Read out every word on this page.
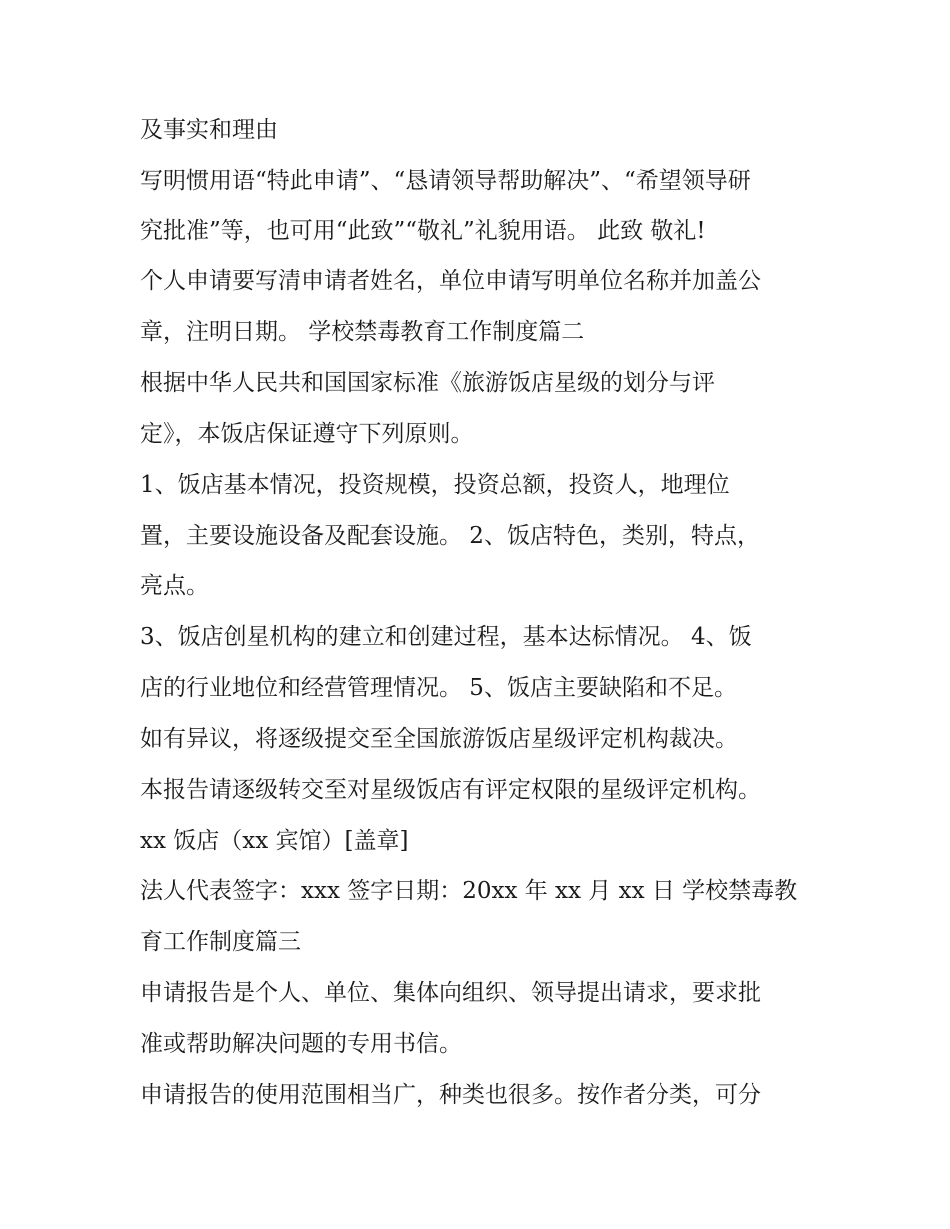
及事实和理由
写明惯用语“特此申请”、“恳请领导帮助解决”、“希望领导研
究批准”等，也可用“此致”“敬礼”礼貌用语。 此致 敬礼!
个人申请要写清申请者姓名，单位申请写明单位名称并加盖公
章，注明日期。 学校禁毒教育工作制度篇二
根据中华人民共和国国家标准《旅游饭店星级的划分与评
定》，本饭店保证遵守下列原则。
1、饭店基本情况，投资规模，投资总额，投资人，地理位
置，主要设施设备及配套设施。 2、饭店特色，类别，特点，
亮点。
3、饭店创星机构的建立和创建过程，基本达标情况。 4、饭
店的行业地位和经营管理情况。 5、饭店主要缺陷和不足。
如有异议，将逐级提交至全国旅游饭店星级评定机构裁决。
本报告请逐级转交至对星级饭店有评定权限的星级评定机构。
xx 饭店（xx 宾馆）[盖章]
法人代表签字：xxx 签字日期：20xx 年 xx 月 xx 日 学校禁毒教
育工作制度篇三
申请报告是个人、单位、集体向组织、领导提出请求，要求批
准或帮助解决问题的专用书信。
申请报告的使用范围相当广，种类也很多。按作者分类，可分
